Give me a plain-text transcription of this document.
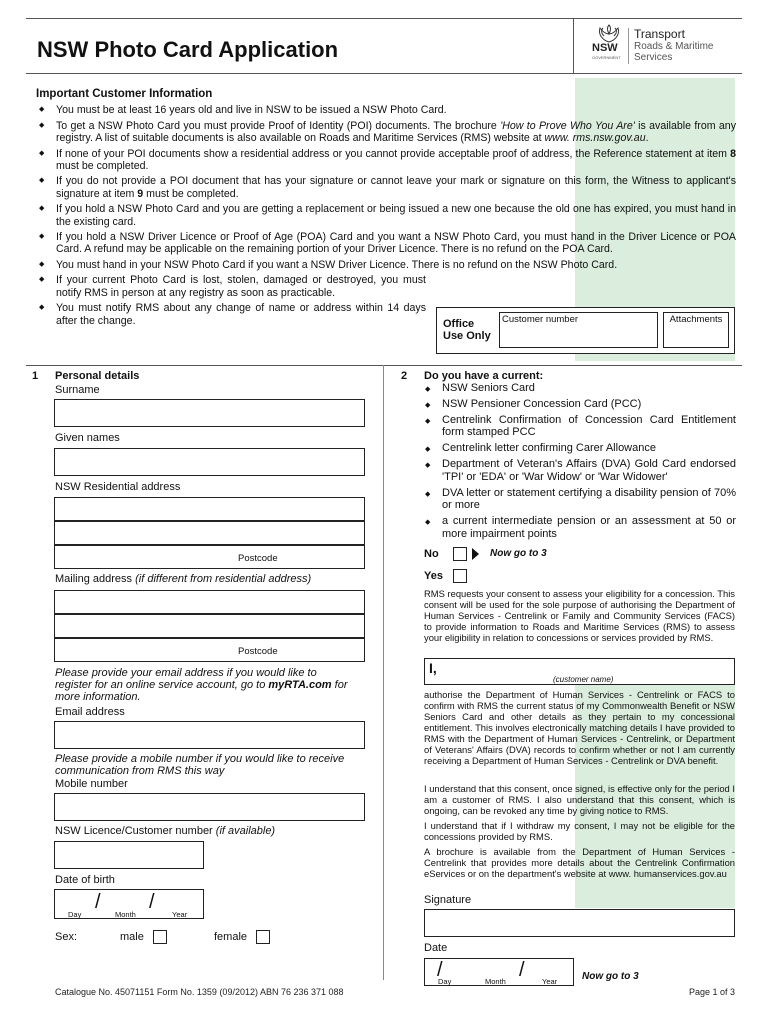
NSW Photo Card Application	NSW
GOVERNMENT
Transport
Roads & Maritime
Services
Important Customer Information
◆ You must be at least 16 years old and live in NSW to be issued a NSW Photo Card.
◆ To get a NSW Photo Card you must provide Proof of Identity (POI) documents. The brochure 'How to Prove Who You Are' is available from any registry. A list of suitable documents is also available on Roads and Maritime Services (RMS) website at www. rms.nsw.gov.au.
◆ If none of your POI documents show a residential address or you cannot provide acceptable proof of address, the Reference statement at item 8 must be completed.
◆ If you do not provide a POI document that has your signature or cannot leave your mark or signature on this form, the Witness to applicant's signature at item 9 must be completed.
◆ If you hold a NSW Photo Card and you are getting a replacement or being issued a new one because the old one has expired, you must hand in the existing card.
◆ If you hold a NSW Driver Licence or Proof of Age (POA) Card and you want a NSW Photo Card, you must hand in the Driver Licence or POA Card. A refund may be applicable on the remaining portion of your Driver Licence. There is no refund on the POA Card.
◆ You must hand in your NSW Photo Card if you want a NSW Driver Licence. There is no refund on the NSW Photo Card.
◆ If your current Photo Card is lost, stolen, damaged or destroyed, you must notify RMS in person at any registry as soon as practicable.
◆ You must notify RMS about any change of name or address within 14 days after the change.	Office
Use Only
Customer number	Attachments
1 Personal details
Surname
Given names
NSW Residential address
Postcode
Mailing address (if different from residential address)
Postcode
Please provide your email address if you would like to
register for an online service account, go to myRTA.com for
more information.
Email address
Please provide a mobile number if you would like to receive
communication from RMS this way
Mobile number
NSW Licence/Customer number (if available)
Date of birth
/ /
Day	Month	Year
Sex:	male	female
2 Do you have a current:
◆ NSW Seniors Card
◆ NSW Pensioner Concession Card (PCC)
◆ Centrelink Confirmation of Concession Card Entitlement form stamped PCC
◆ Centrelink letter confirming Carer Allowance
◆ Department of Veteran's Affairs (DVA) Gold Card endorsed 'TPI' or 'EDA' or 'War Widow' or 'War Widower'
◆ DVA letter or statement certifying a disability pension of 70% or more
◆ a current intermediate pension or an assessment at 50 or more impairment points
No	Now go to 3
Yes
RMS requests your consent to assess your eligibility for a concession. This consent will be used for the sole purpose of authorising the Department of Human Services - Centrelink or Family and Community Services (FACS) to provide information to Roads and Maritime Services (RMS) to assess your eligibility in relation to concessions or services provided by RMS.
I,
(customer name)
authorise the Department of Human Services - Centrelink or FACS to confirm with RMS the current status of my Commonwealth Benefit or NSW Seniors Card and other details as they pertain to my concessional entitlement. This involves electronically matching details I have provided to RMS with the Department of Human Services - Centrelink, or Department of Veterans' Affairs (DVA) records to confirm whether or not I am currently receiving a Department of Human Services - Centrelink or DVA benefit.
I understand that this consent, once signed, is effective only for the period I am a customer of RMS. I also understand that this consent, which is ongoing, can be revoked any time by giving notice to RMS.
I understand that if I withdraw my consent, I may not be eligible for the concessions provided by RMS.
A brochure is available from the Department of Human Services - Centrelink that provides more details about the Centrelink Confirmation eServices or on the department's website at www. humanservices.gov.au
Signature
Date
/	/
Day	Month	Year Now go to 3
Catalogue No. 45071151 Form No. 1359 (09/2012) ABN 76 236 371 088	Page 1 of 3
